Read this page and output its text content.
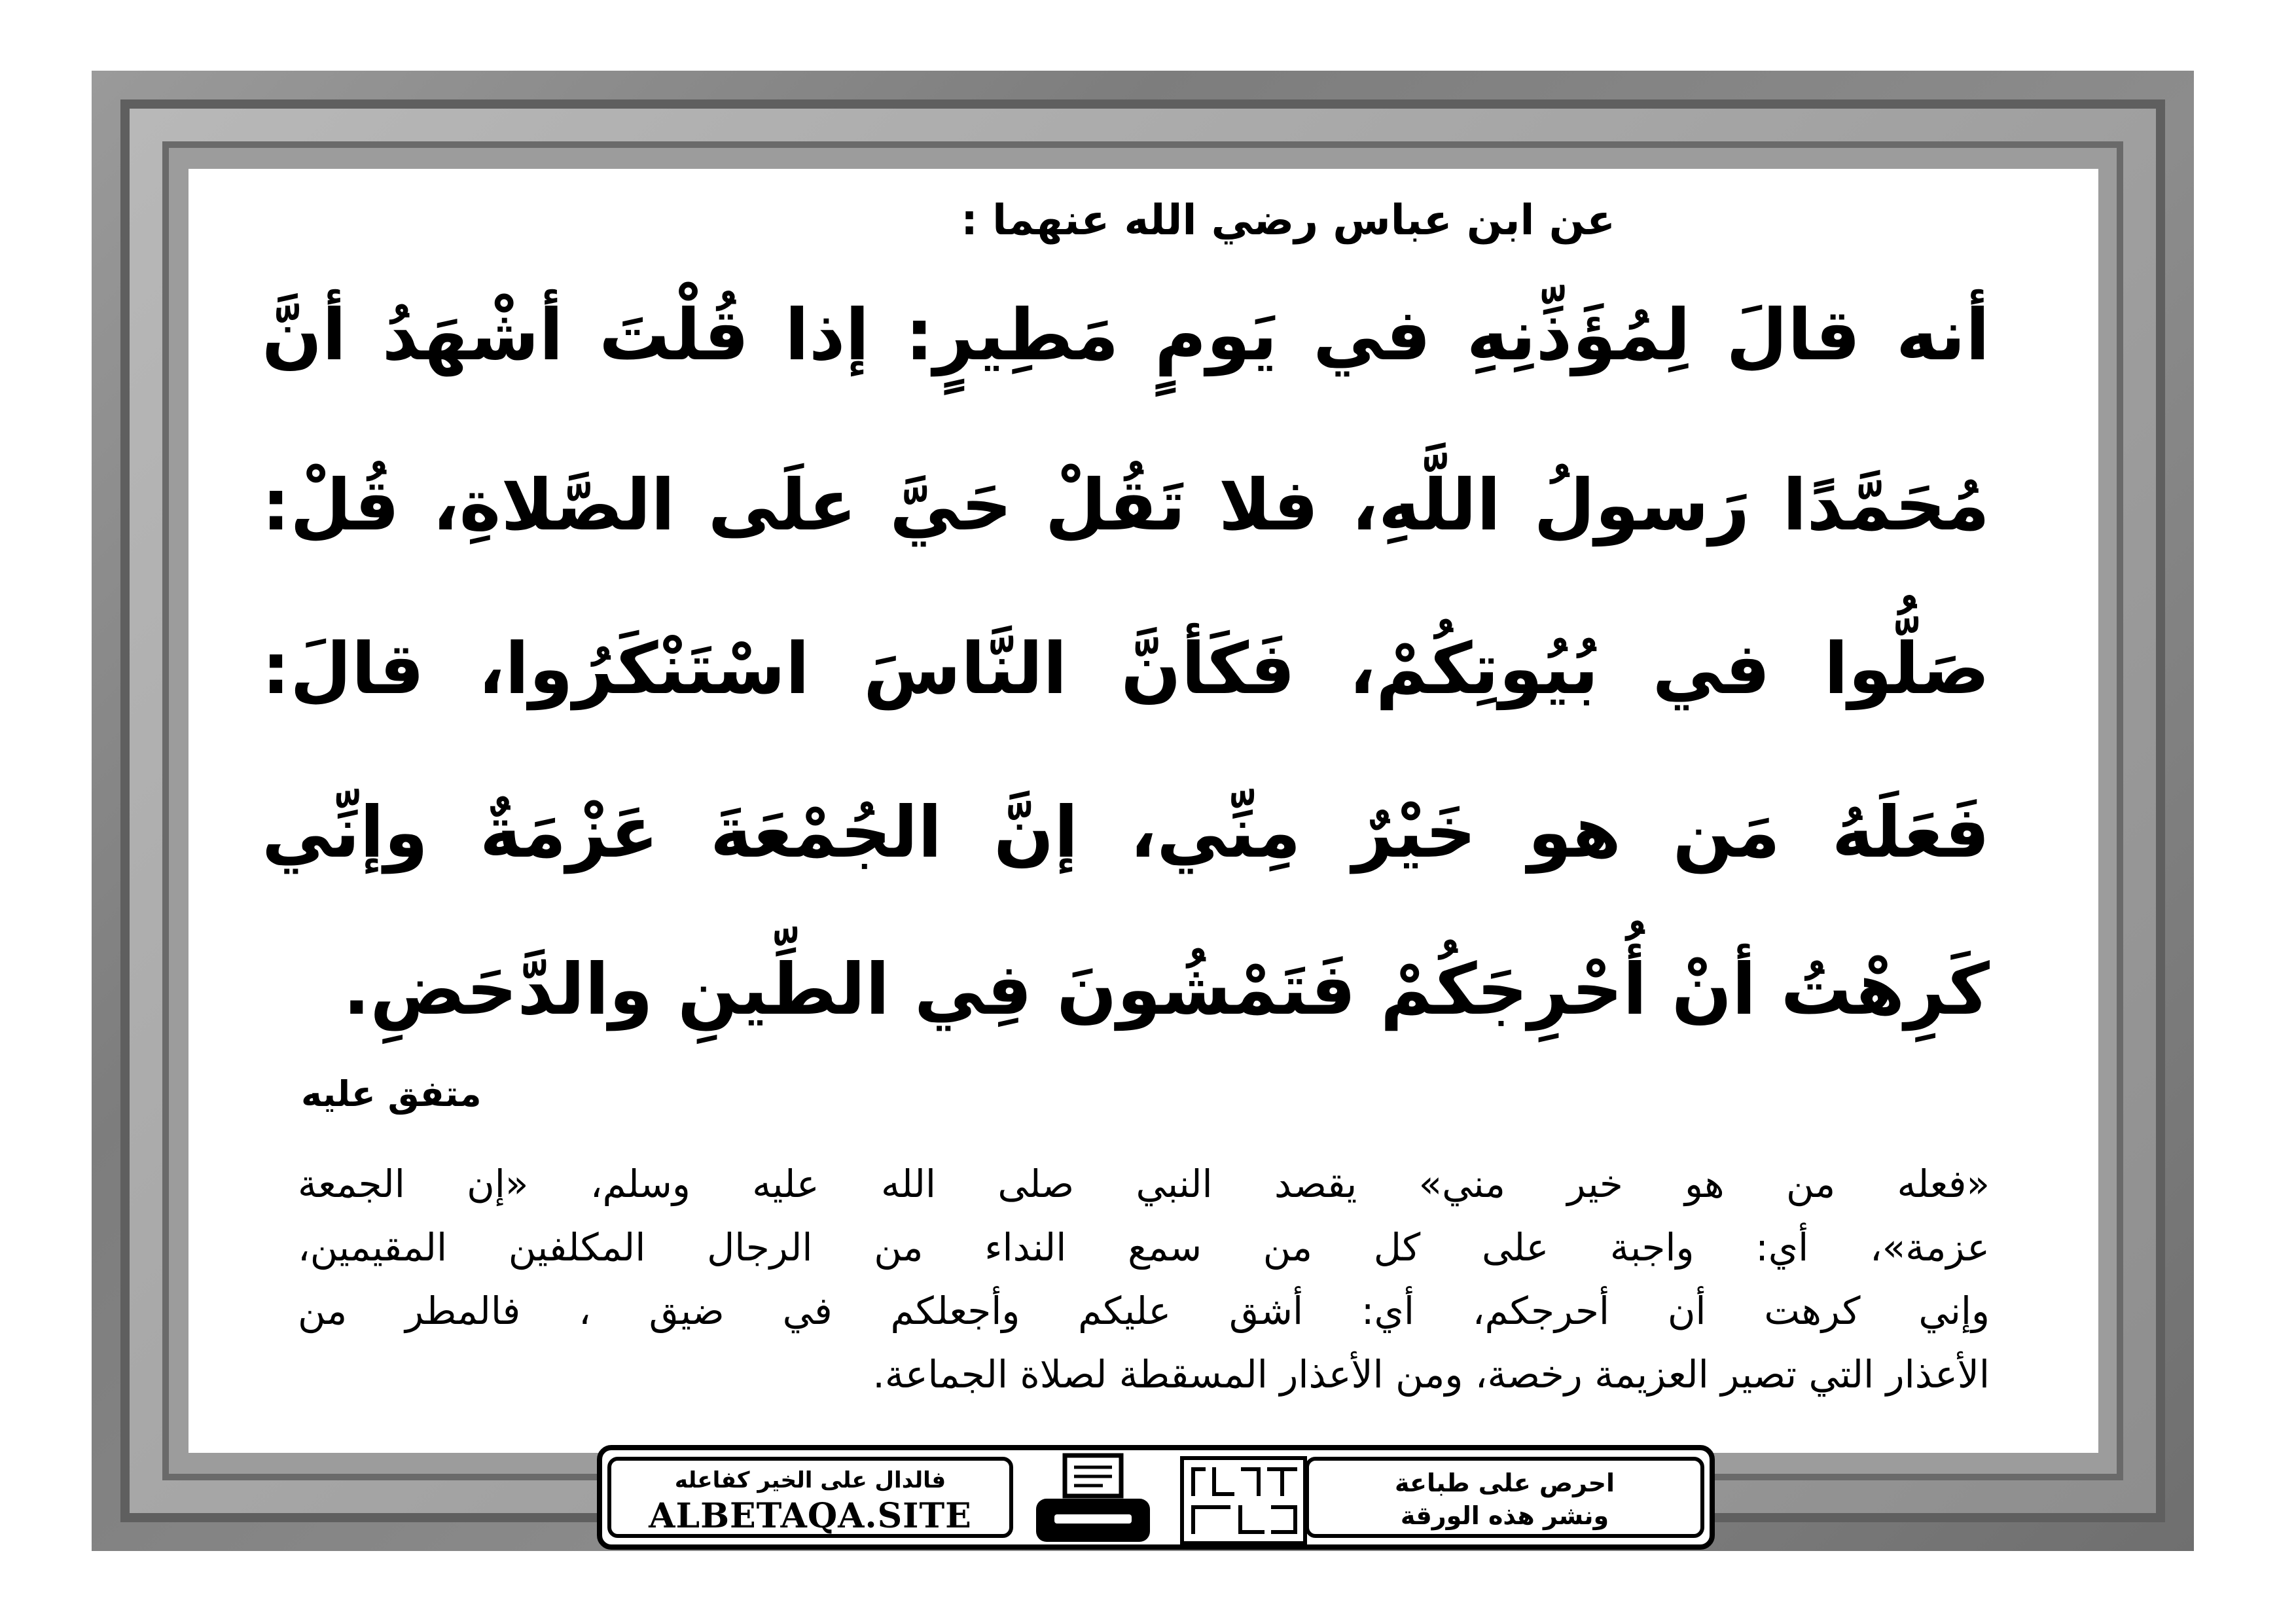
عن ابن عباس رضي الله عنهما :
أنه قالَ لِمُؤَذِّنِهِ في يَومٍ مَطِيرٍ: إذا قُلْتَ أشْهَدُ أنَّ
مُحَمَّدًا رَسولُ اللَّهِ، فلا تَقُلْ حَيَّ علَى الصَّلاةِ، قُلْ:
صَلُّوا في بُيُوتِكُمْ، فَكَأنَّ النَّاسَ اسْتَنْكَرُوا، قالَ:
فَعَلَهُ مَن هو خَيْرٌ مِنِّي، إنَّ الجُمْعَةَ عَزْمَةٌ وإنِّي
كَرِهْتُ أنْ أُحْرِجَكُمْ فَتَمْشُونَ فِي الطِّينِ والدَّحَضِ.
متفق عليه
«فعله من هو خير مني» يقصد النبي صلى الله عليه وسلم، «إن الجمعة
عزمة»، أي: واجبة على كل من سمع النداء من الرجال المكلفين المقيمين،
وإني كرهت أن أحرجكم، أي: أشق عليكم وأجعلكم في ضيق ، فالمطر من
الأعذار التي تصير العزيمة رخصة، ومن الأعذار المسقطة لصلاة الجماعة.
فالدال على الخير كفاعله
ALBETAQA.SITE
احرص على طباعة
ونشر هذه الورقة
